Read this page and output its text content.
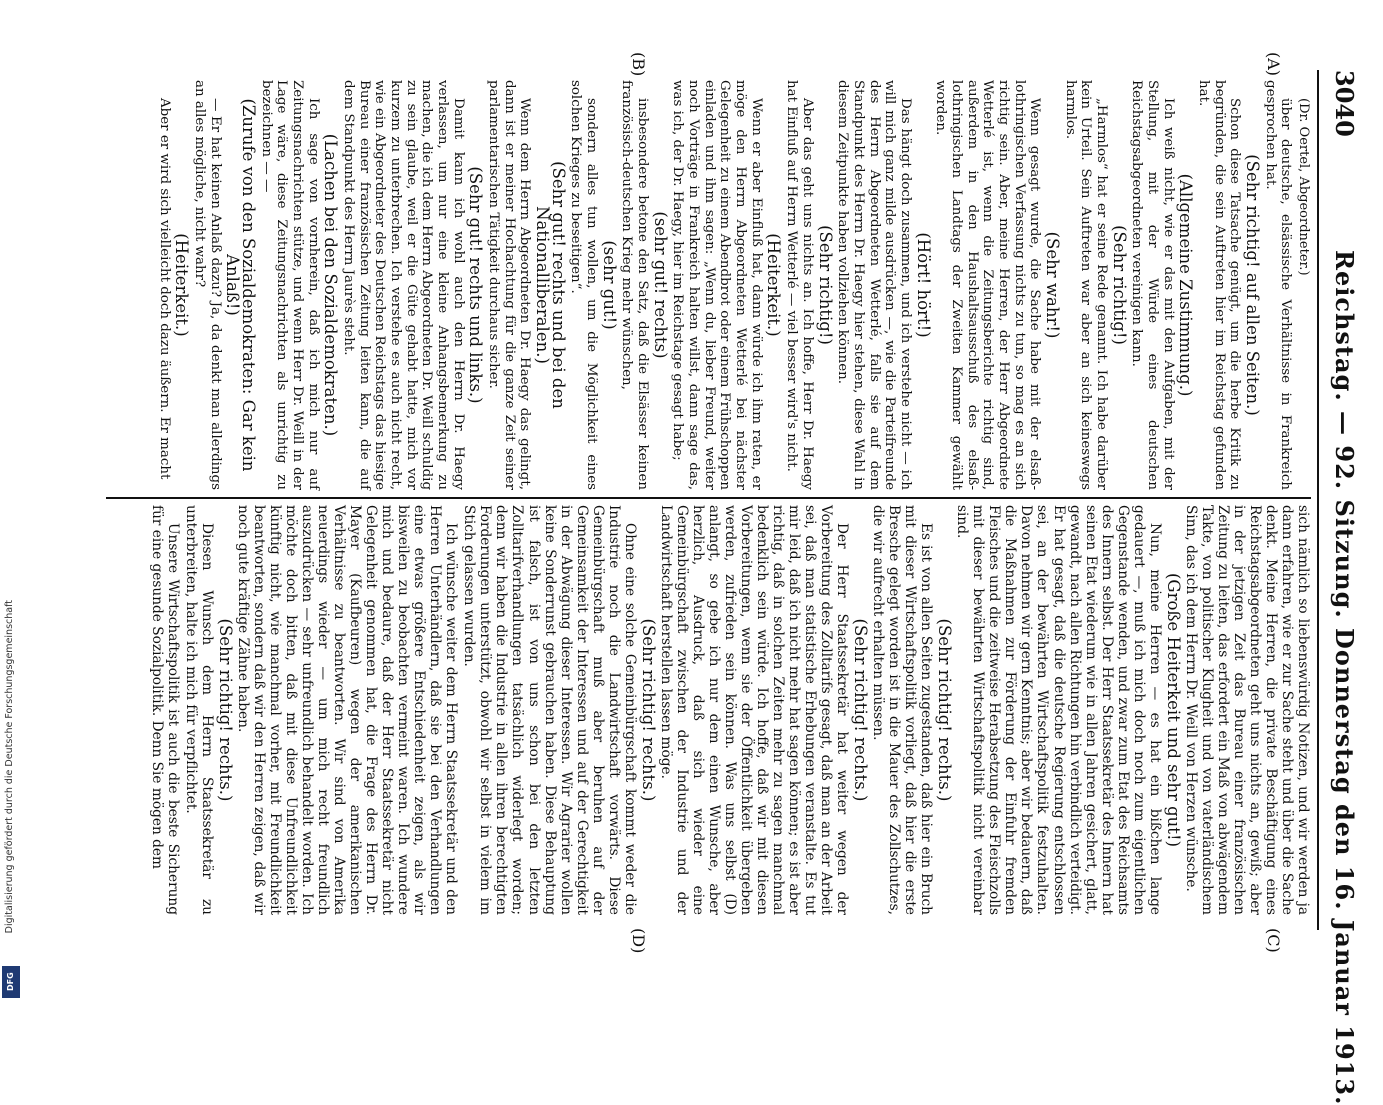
3040
Reichstag. — 92. Sitzung. Donnerstag den 16. Januar 1913.
(A)
(B)
(C)
(D)

(Dr. Oertel, Abgeordneter.)

über deutsche, elsässische Verhältnisse in Frankreich gesprochen hat.

(Sehr richtig! auf allen Seiten.)

Schon diese Tatsache genügt, um die herbe Kritik zu begründen, die sein Auftreten hier im Reichstag gefunden hat.

(Allgemeine Zustimmung.)

Ich weiß nicht, wie er das mit den Aufgaben, mit der Stellung, mit der Würde eines deutschen Reichstagsabgeordneten vereinigen kann.

(Sehr richtig!)

„Harmlos“ hat er seine Rede genannt. Ich habe darüber kein Urteil. Sein Auftreten war aber an sich keineswegs harmlos.

(Sehr wahr!)

Wenn gesagt wurde, die Sache habe mit der elsaß-lothringischen Verfassung nichts zu tun, so mag es an sich richtig sein. Aber, meine Herren, der Herr Abgeordnete Wetterlé ist, wenn die Zeitungsberichte richtig sind, außerdem in den Haushaltsausschuß des elsaß-lothringischen Landtags der Zweiten Kammer gewählt worden.

(Hört! hört!)

Das hängt doch zusammen, und ich verstehe nicht — ich will mich ganz milde ausdrücken —, wie die Parteifreunde des Herrn Abgeordneten Wetterlé, falls sie auf dem Standpunkt des Herrn Dr. Haegy hier stehen, diese Wahl in diesem Zeitpunkte haben vollziehen können.

(Sehr richtig!)

Aber das geht uns nichts an. Ich hoffe, Herr Dr. Haegy hat Einfluß auf Herrn Wetterlé — viel besser wird's nicht.

(Heiterkeit.)

Wenn er aber Einfluß hat, dann würde ich ihm raten, er möge den Herrn Abgeordneten Wetterlé bei nächster Gelegenheit zu einem Abendbrot oder einem Frühschoppen einladen und ihm sagen: „Wenn du, lieber Freund, weiter noch Vorträge in Frankreich halten willst, dann sage das, was ich, der Dr. Haegy, hier im Reichstage gesagt habe;

(sehr gut! rechts)

insbesondere betone den Satz, daß die Elsässer keinen französisch-deutschen Krieg mehr wünschen,

(sehr gut!)

sondern alles tun wollen, um die Möglichkeit eines solchen Krieges zu beseitigen“.

(Sehr gut! rechts und bei den Nationalliberalen.)

Wenn dem Herrn Abgeordneten Dr. Haegy das gelingt, dann ist er meiner Hochachtung für die ganze Zeit seiner parlamentarischen Tätigkeit durchaus sicher.

(Sehr gut! rechts und links.)

Damit kann ich wohl auch den Herrn Dr. Haegy verlassen, um nur eine kleine Anhangsbemerkung zu machen, die ich dem Herrn Abgeordneten Dr. Weill schuldig zu sein glaube, weil er die Güte gehabt hatte, mich vor kurzem zu unterbrechen. Ich verstehe es auch nicht recht, wie ein Abgeordneter des Deutschen Reichstags das hiesige Bureau einer französischen Zeitung leiten kann, die auf dem Standpunkt des Herrn Jaurès steht.

(Lachen bei den Sozialdemokraten.)

Ich sage von vornherein, daß ich mich nur auf Zeitungsnachrichten stütze, und wenn Herr Dr. Weill in der Lage wäre, diese Zeitungsnachrichten als unrichtig zu bezeichnen — —

(Zurufe von den Sozialdemokraten: Gar kein Anlaß!)

— Er hat keinen Anlaß dazu? Ja, da denkt man allerdings an alles mögliche, nicht wahr?

(Heiterkeit.)

Aber er wird sich vielleicht doch dazu äußern. Er macht

sich nämlich so liebenswürdig Notizen, und wir werden ja dann erfahren, wie er zur Sache steht und über die Sache denkt. Meine Herren, die private Beschäftigung eines Reichstagsabgeordneten geht uns nichts an, gewiß; aber in der jetzigen Zeit das Bureau einer französischen Zeitung zu leiten, das erfordert ein Maß von abwägendem Takte, von politischer Klugheit und von vaterländischem Sinn, das ich dem Herrn Dr. Weill von Herzen wünsche.

(Große Heiterkeit und sehr gut!)

Nun, meine Herren — es hat ein bißchen lange gedauert —, muß ich mich doch noch zum eigentlichen Gegenstande wenden, und zwar zum Etat des Reichsamts des Innern selbst. Der Herr Staatssekretär des Innern hat seinen Etat wiederum wie in allen Jahren gesichert, glatt, gewandt, nach allen Richtungen hin verbindlich verteidigt. Er hat gesagt, daß die deutsche Regierung entschlossen sei, an der bewährten Wirtschaftspolitik festzuhalten. Davon nehmen wir gern Kenntnis; aber wir bedauern, daß die Maßnahmen zur Förderung der Einfuhr fremden Fleisches und die zeitweise Herabsetzung des Fleischzolls mit dieser bewährten Wirtschaftspolitik nicht vereinbar sind.

(Sehr richtig! rechts.)

Es ist von allen Seiten zugestanden, daß hier ein Bruch mit dieser Wirtschaftspolitik vorliegt, daß hier die erste Bresche gelegt worden ist in die Mauer des Zollschutzes, die wir aufrecht erhalten müssen.

(Sehr richtig! rechts.)

Der Herr Staatssekretär hat weiter wegen der Vorbereitung des Zolltarifs gesagt, daß man an der Arbeit sei, daß man statistische Erhebungen veranstalte. Es tut mir leid, daß ich nicht mehr hat sagen können; es ist aber richtig, daß in solchen Zeiten mehr zu sagen manchmal bedenklich sein würde. Ich hoffe, daß wir mit diesen Vorbereitungen, wenn sie der Öffentlichkeit übergeben werden, zufrieden sein können. Was uns selbst (D) anlangt, so gebe ich nur dem einen Wunsche, aber herzlich, Ausdruck, daß sich wieder eine Gemeinbürgschaft zwischen der Industrie und der Landwirtschaft herstellen lassen möge.

(Sehr richtig! rechts.)

Ohne eine solche Gemeinbürgschaft kommt weder die Industrie noch die Landwirtschaft vorwärts. Diese Gemeinbürgschaft muß aber beruhen auf der Gemeinsamkeit der Interessen und auf der Gerechtigkeit in der Abwägung dieser Interessen. Wir Agrarier wollen keine Sonderrunst gebrauchen haben. Diese Behauptung ist falsch, ist von uns schon bei den letzten Zolltarifverhandlungen tatsächlich widerlegt worden; denn wir haben die Industrie in allen ihren berechtigten Forderungen unterstützt, obwohl wir selbst in vielem im Stich gelassen wurden.

Ich wünsche weiter dem Herrn Staatssekretär und den Herren Unterhändlern, daß sie bei den Verhandlungen eine etwas größere Entschiedenheit zeigen, als wir bisweilen zu beobachten vermeint waren. Ich wundere mich und bedaure, daß der Herr Staatssekretär nicht Gelegenheit genommen hat, die Frage des Herrn Dr. Mayer (Kaufbeuren) wegen der amerikanischen Verhältnisse zu beantworten. Wir sind von Amerika neuerdings wieder — um mich recht freundlich auszudrücken — sehr unfreundlich behandelt worden. Ich möchte doch bitten, daß mit diese Unfreundlichkeit künftig nicht, wie manchmal vorher, mit Freundlichkeit beantworten, sondern daß wir den Herren zeigen, daß wir noch gute kräftige Zähne haben.

(Sehr richtig! rechts.)

Diesen Wunsch dem Herrn Staatssekretär zu unterbreiten, halte ich mich für verpflichtet.

Unsere Wirtschaftspolitik ist auch die beste Sicherung für eine gesunde Sozialpolitik. Denn Sie mögen dem

Digitalisierung gefördert durch die Deutsche Forschungsgemeinschaft
DFG
